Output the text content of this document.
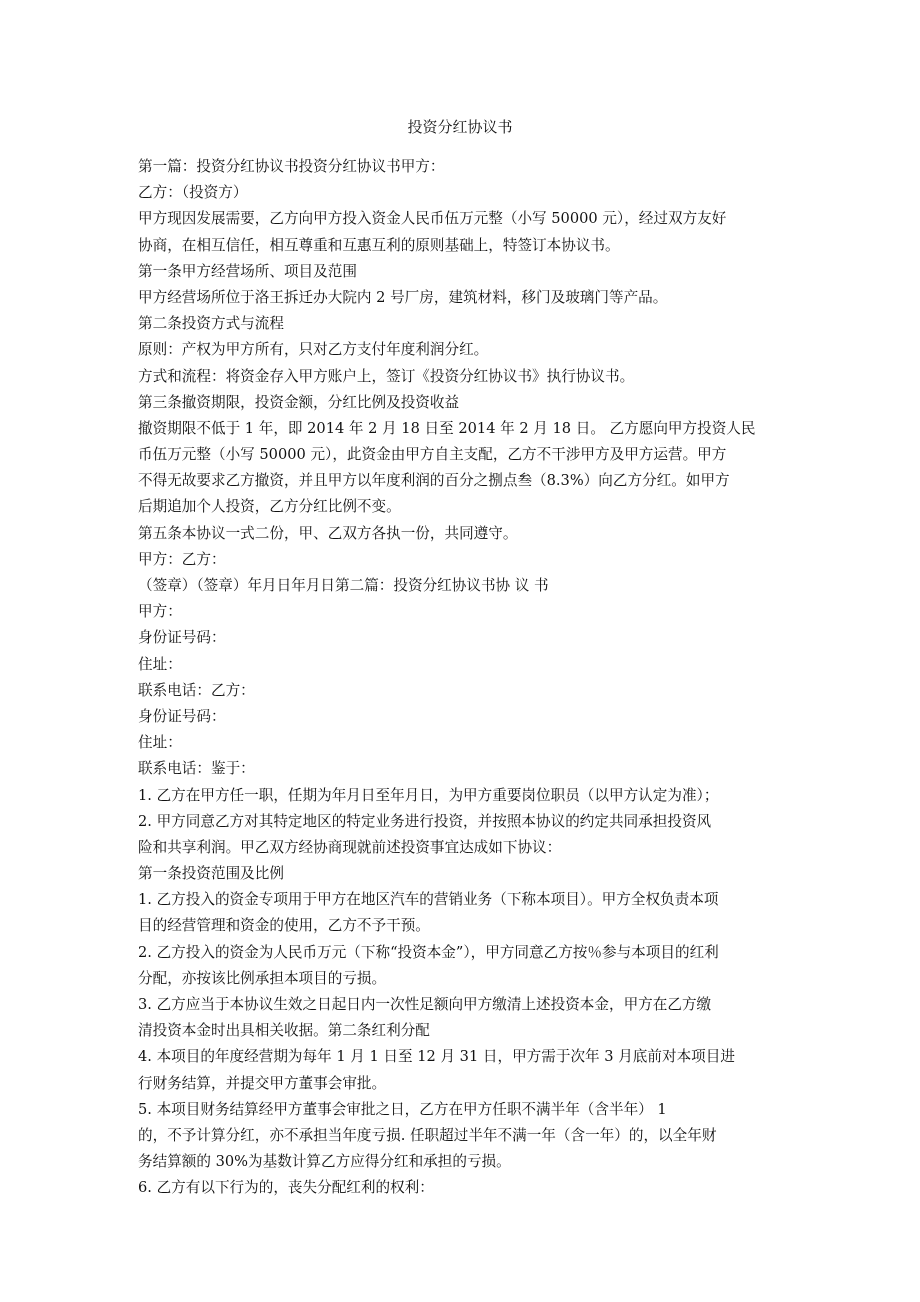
投资分红协议书
第一篇：投资分红协议书投资分红协议书甲方：
乙方：（投资方）
甲方现因发展需要，乙方向甲方投入资金人民币伍万元整（小写 50000 元），经过双方友好
协商，在相互信任，相互尊重和互惠互利的原则基础上，特签订本协议书。
第一条甲方经营场所、项目及范围
甲方经营场所位于洛王拆迁办大院内 2 号厂房，建筑材料，移门及玻璃门等产品。
第二条投资方式与流程
原则：产权为甲方所有，只对乙方支付年度利润分红。
方式和流程：将资金存入甲方账户上，签订《投资分红协议书》执行协议书。
第三条撤资期限，投资金额，分红比例及投资收益
撤资期限不低于 1 年，即 2014 年 2 月 18 日至 2014 年 2 月 18 日。 乙方愿向甲方投资人民
币伍万元整（小写 50000 元），此资金由甲方自主支配，乙方不干涉甲方及甲方运营。甲方
不得无故要求乙方撤资，并且甲方以年度利润的百分之捌点叁（8.3%）向乙方分红。如甲方
后期追加个人投资，乙方分红比例不变。
第五条本协议一式二份，甲、乙双方各执一份，共同遵守。
甲方：乙方：
（签章）（签章）年月日年月日第二篇：投资分红协议书协 议 书
甲方：
身份证号码：
住址：
联系电话：乙方：
身份证号码：
住址：
联系电话：鉴于：
1. 乙方在甲方任一职，任期为年月日至年月日，为甲方重要岗位职员（以甲方认定为准）；
2. 甲方同意乙方对其特定地区的特定业务进行投资，并按照本协议的约定共同承担投资风
险和共享利润。甲乙双方经协商现就前述投资事宜达成如下协议：
第一条投资范围及比例
1. 乙方投入的资金专项用于甲方在地区汽车的营销业务（下称本项目）。甲方全权负责本项
目的经营管理和资金的使用，乙方不予干预。
2. 乙方投入的资金为人民币万元（下称“投资本金”），甲方同意乙方按％参与本项目的红利
分配，亦按该比例承担本项目的亏损。
3. 乙方应当于本协议生效之日起日内一次性足额向甲方缴清上述投资本金，甲方在乙方缴
清投资本金时出具相关收据。第二条红利分配
4. 本项目的年度经营期为每年 1 月 1 日至 12 月 31 日，甲方需于次年 3 月底前对本项目进
行财务结算，并提交甲方董事会审批。
5. 本项目财务结算经甲方董事会审批之日，乙方在甲方任职不满半年（含半年） 1
的，不予计算分红，亦不承担当年度亏损. 任职超过半年不满一年（含一年）的，以全年财
务结算额的 30%为基数计算乙方应得分红和承担的亏损。
6. 乙方有以下行为的，丧失分配红利的权利：
